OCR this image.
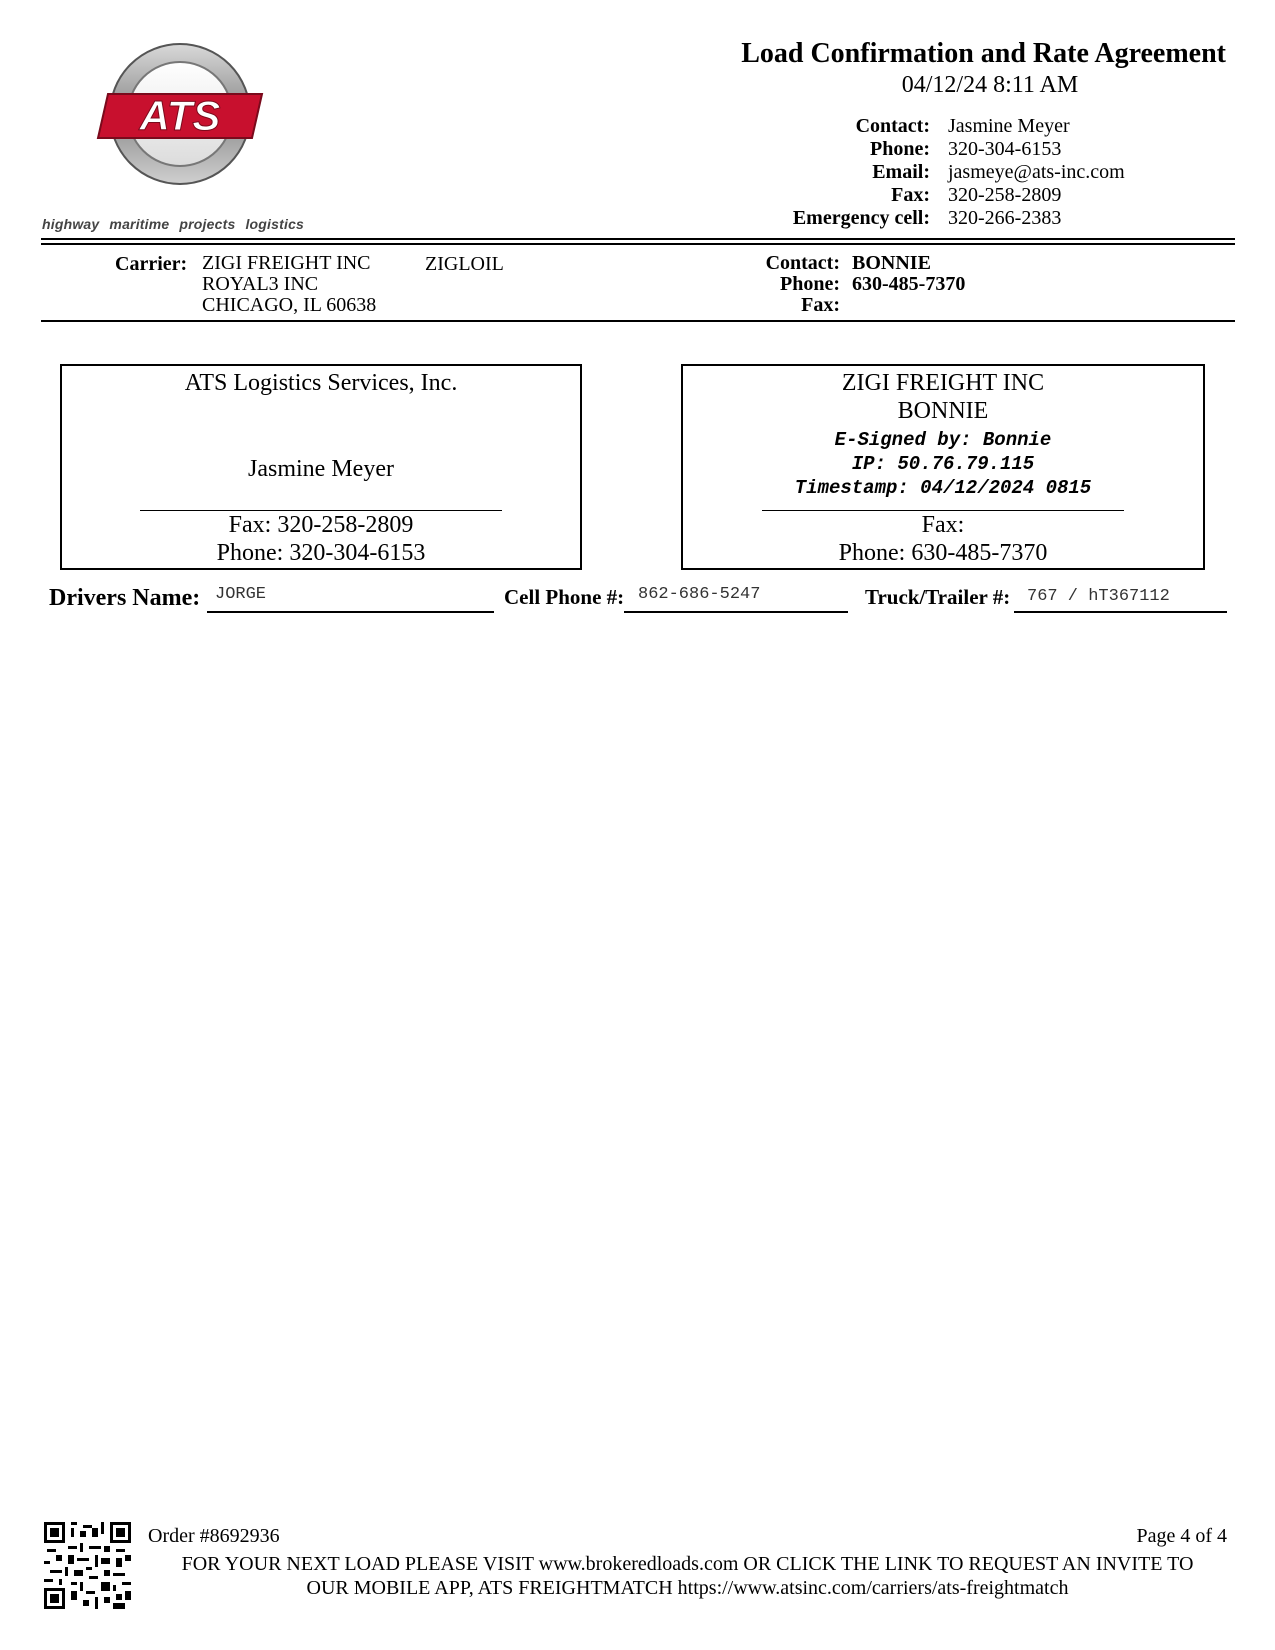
ATS
highway maritime projects logistics
Load Confirmation and Rate Agreement
04/12/24 8:11 AM
Contact: Jasmine Meyer
Phone: 320-304-6153
Email: jasmeye@ats-inc.com
Fax: 320-258-2809
Emergency cell: 320-266-2383
Carrier: ZIGI FREIGHT INC
ROYAL3 INC
CHICAGO, IL 60638
ZIGLOIL	Contact: BONNIE
Phone: 630-485-7370
Fax:
ATS Logistics Services, Inc.
Jasmine Meyer
Fax: 320-258-2809
Phone: 320-304-6153
ZIGI FREIGHT INC
BONNIE
E-Signed by: Bonnie
IP: 50.76.79.115
Timestamp: 04/12/2024 0815
Fax:
Phone: 630-485-7370
Drivers Name: JORGE	Cell Phone #: 862-686-5247	Truck/Trailer #: 767 / hT367112
Order #8692936	Page 4 of 4
FOR YOUR NEXT LOAD PLEASE VISIT www.brokeredloads.com OR CLICK THE LINK TO REQUEST AN INVITE TO
OUR MOBILE APP, ATS FREIGHTMATCH https://www.atsinc.com/carriers/ats-freightmatch
